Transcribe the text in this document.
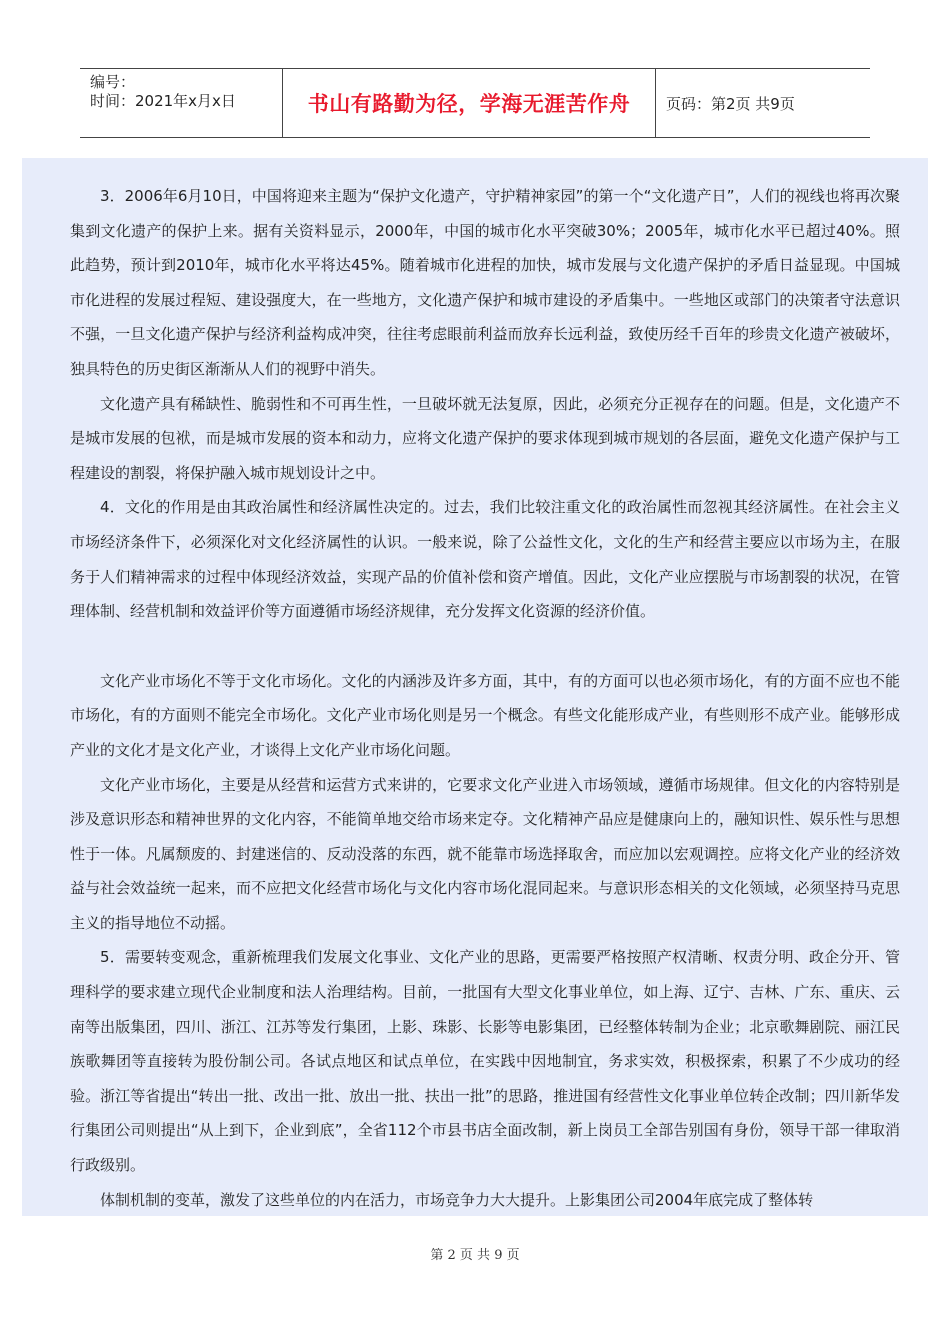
编号：
时间：2021年x月x日	书山有路勤为径，学海无涯苦作舟	页码：第2页 共9页

3．2006年6月10日，中国将迎来主题为“保护文化遗产，守护精神家园”的第一个“文化遗产日”，人们的视线也将再次聚集到文化遗产的保护上来。据有关资料显示，2000年，中国的城市化水平突破30%；2005年，城市化水平已超过40%。照此趋势，预计到2010年，城市化水平将达45%。随着城市化进程的加快，城市发展与文化遗产保护的矛盾日益显现。中国城市化进程的发展过程短、建设强度大，在一些地方，文化遗产保护和城市建设的矛盾集中。一些地区或部门的决策者守法意识不强，一旦文化遗产保护与经济利益构成冲突，往往考虑眼前利益而放弃长远利益，致使历经千百年的珍贵文化遗产被破坏，独具特色的历史街区渐渐从人们的视野中消失。

文化遗产具有稀缺性、脆弱性和不可再生性，一旦破坏就无法复原，因此，必须充分正视存在的问题。但是，文化遗产不是城市发展的包袱，而是城市发展的资本和动力，应将文化遗产保护的要求体现到城市规划的各层面，避免文化遗产保护与工程建设的割裂，将保护融入城市规划设计之中。

4．文化的作用是由其政治属性和经济属性决定的。过去，我们比较注重文化的政治属性而忽视其经济属性。在社会主义市场经济条件下，必须深化对文化经济属性的认识。一般来说，除了公益性文化，文化的生产和经营主要应以市场为主，在服务于人们精神需求的过程中体现经济效益，实现产品的价值补偿和资产增值。因此，文化产业应摆脱与市场割裂的状况，在管理体制、经营机制和效益评价等方面遵循市场经济规律，充分发挥文化资源的经济价值。

文化产业市场化不等于文化市场化。文化的内涵涉及许多方面，其中，有的方面可以也必须市场化，有的方面不应也不能市场化，有的方面则不能完全市场化。文化产业市场化则是另一个概念。有些文化能形成产业，有些则形不成产业。能够形成产业的文化才是文化产业，才谈得上文化产业市场化问题。

文化产业市场化，主要是从经营和运营方式来讲的，它要求文化产业进入市场领域，遵循市场规律。但文化的内容特别是涉及意识形态和精神世界的文化内容，不能简单地交给市场来定夺。文化精神产品应是健康向上的，融知识性、娱乐性与思想性于一体。凡属颓废的、封建迷信的、反动没落的东西，就不能靠市场选择取舍，而应加以宏观调控。应将文化产业的经济效益与社会效益统一起来，而不应把文化经营市场化与文化内容市场化混同起来。与意识形态相关的文化领域，必须坚持马克思主义的指导地位不动摇。

5．需要转变观念，重新梳理我们发展文化事业、文化产业的思路，更需要严格按照产权清晰、权责分明、政企分开、管理科学的要求建立现代企业制度和法人治理结构。目前，一批国有大型文化事业单位，如上海、辽宁、吉林、广东、重庆、云南等出版集团，四川、浙江、江苏等发行集团，上影、珠影、长影等电影集团，已经整体转制为企业；北京歌舞剧院、丽江民族歌舞团等直接转为股份制公司。各试点地区和试点单位，在实践中因地制宜，务求实效，积极探索，积累了不少成功的经验。浙江等省提出“转出一批、改出一批、放出一批、扶出一批”的思路，推进国有经营性文化事业单位转企改制；四川新华发行集团公司则提出“从上到下，企业到底”，全省112个市县书店全面改制，新上岗员工全部告别国有身份，领导干部一律取消行政级别。

体制机制的变革，激发了这些单位的内在活力，市场竞争力大大提升。上影集团公司2004年底完成了整体转

第 2 页 共 9 页
